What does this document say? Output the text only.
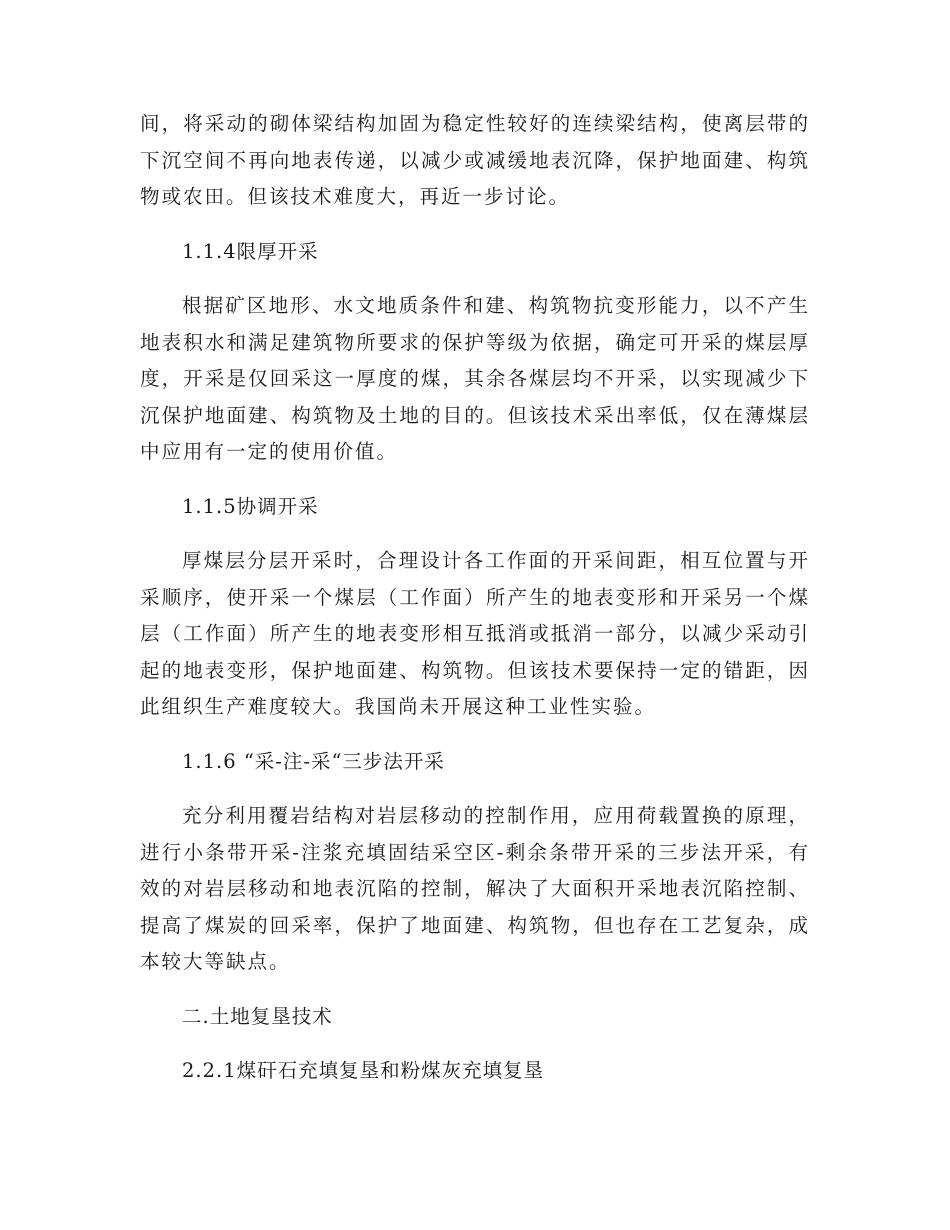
间，将采动的砌体梁结构加固为稳定性较好的连续梁结构，使离层带的下沉空间不再向地表传递，以减少或减缓地表沉降，保护地面建、构筑物或农田。但该技术难度大，再近一步讨论。

1.1.4限厚开采

根据矿区地形、水文地质条件和建、构筑物抗变形能力，以不产生地表积水和满足建筑物所要求的保护等级为依据，确定可开采的煤层厚度，开采是仅回采这一厚度的煤，其余各煤层均不开采，以实现减少下沉保护地面建、构筑物及土地的目的。但该技术采出率低，仅在薄煤层中应用有一定的使用价值。

1.1.5协调开采

厚煤层分层开采时，合理设计各工作面的开采间距，相互位置与开采顺序，使开采一个煤层（工作面）所产生的地表变形和开采另一个煤层（工作面）所产生的地表变形相互抵消或抵消一部分，以减少采动引起的地表变形，保护地面建、构筑物。但该技术要保持一定的错距，因此组织生产难度较大。我国尚未开展这种工业性实验。

1.1.6 “采-注-采“三步法开采

充分利用覆岩结构对岩层移动的控制作用，应用荷载置换的原理，进行小条带开采-注浆充填固结采空区-剩余条带开采的三步法开采，有效的对岩层移动和地表沉陷的控制，解决了大面积开采地表沉陷控制、提高了煤炭的回采率，保护了地面建、构筑物，但也存在工艺复杂，成本较大等缺点。

二.土地复垦技术

2.2.1煤矸石充填复垦和粉煤灰充填复垦
